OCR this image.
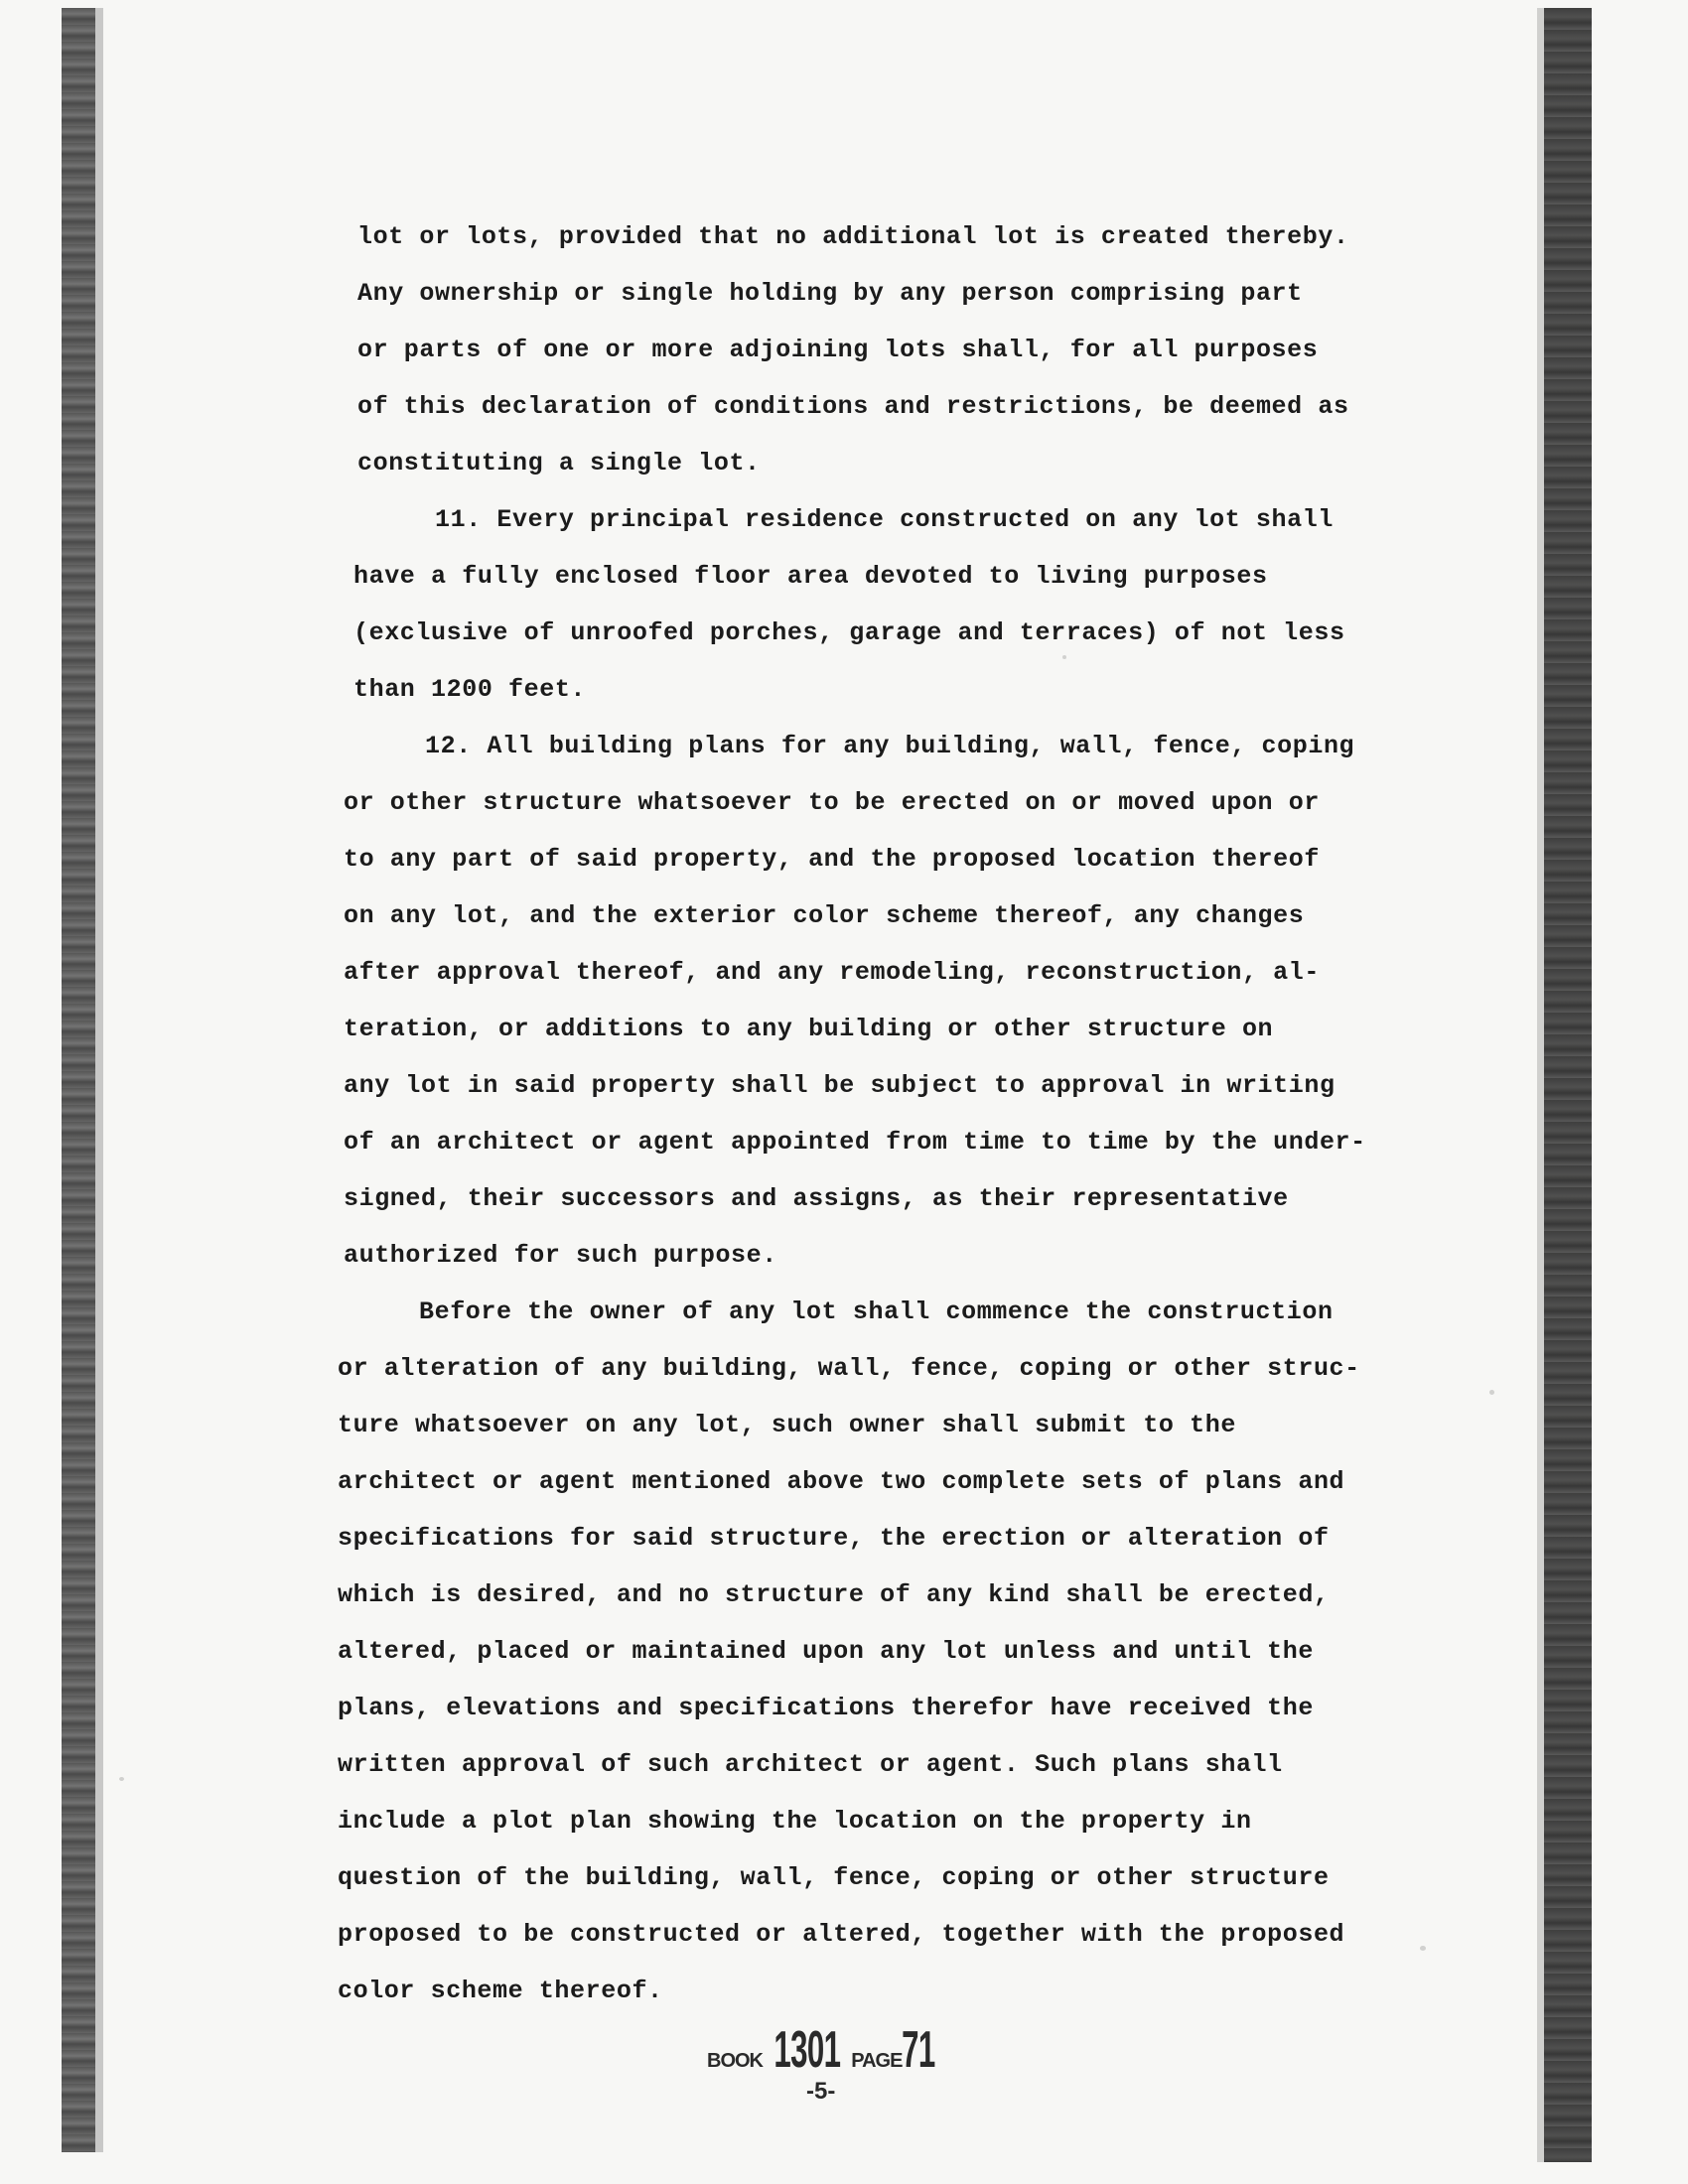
lot or lots, provided that no additional lot is created thereby.
Any ownership or single holding by any person comprising part
or parts of one or more adjoining lots shall, for all purposes
of this declaration of conditions and restrictions, be deemed as
constituting a single lot.
11. Every principal residence constructed on any lot shall
have a fully enclosed floor area devoted to living purposes
(exclusive of unroofed porches, garage and terraces) of not less
than 1200 feet.
12. All building plans for any building, wall, fence, coping
or other structure whatsoever to be erected on or moved upon or
to any part of said property, and the proposed location thereof
on any lot, and the exterior color scheme thereof, any changes
after approval thereof, and any remodeling, reconstruction, al-
teration, or additions to any building or other structure on
any lot in said property shall be subject to approval in writing
of an architect or agent appointed from time to time by the under-
signed, their successors and assigns, as their representative
authorized for such purpose.
Before the owner of any lot shall commence the construction
or alteration of any building, wall, fence, coping or other struc-
ture whatsoever on any lot, such owner shall submit to the
architect or agent mentioned above two complete sets of plans and
specifications for said structure, the erection or alteration of
which is desired, and no structure of any kind shall be erected,
altered, placed or maintained upon any lot unless and until the
plans, elevations and specifications therefor have received the
written approval of such architect or agent. Such plans shall
include a plot plan showing the location on the property in
question of the building, wall, fence, coping or other structure
proposed to be constructed or altered, together with the proposed
color scheme thereof.
BOOK 1301 PAGE 71
-5-
